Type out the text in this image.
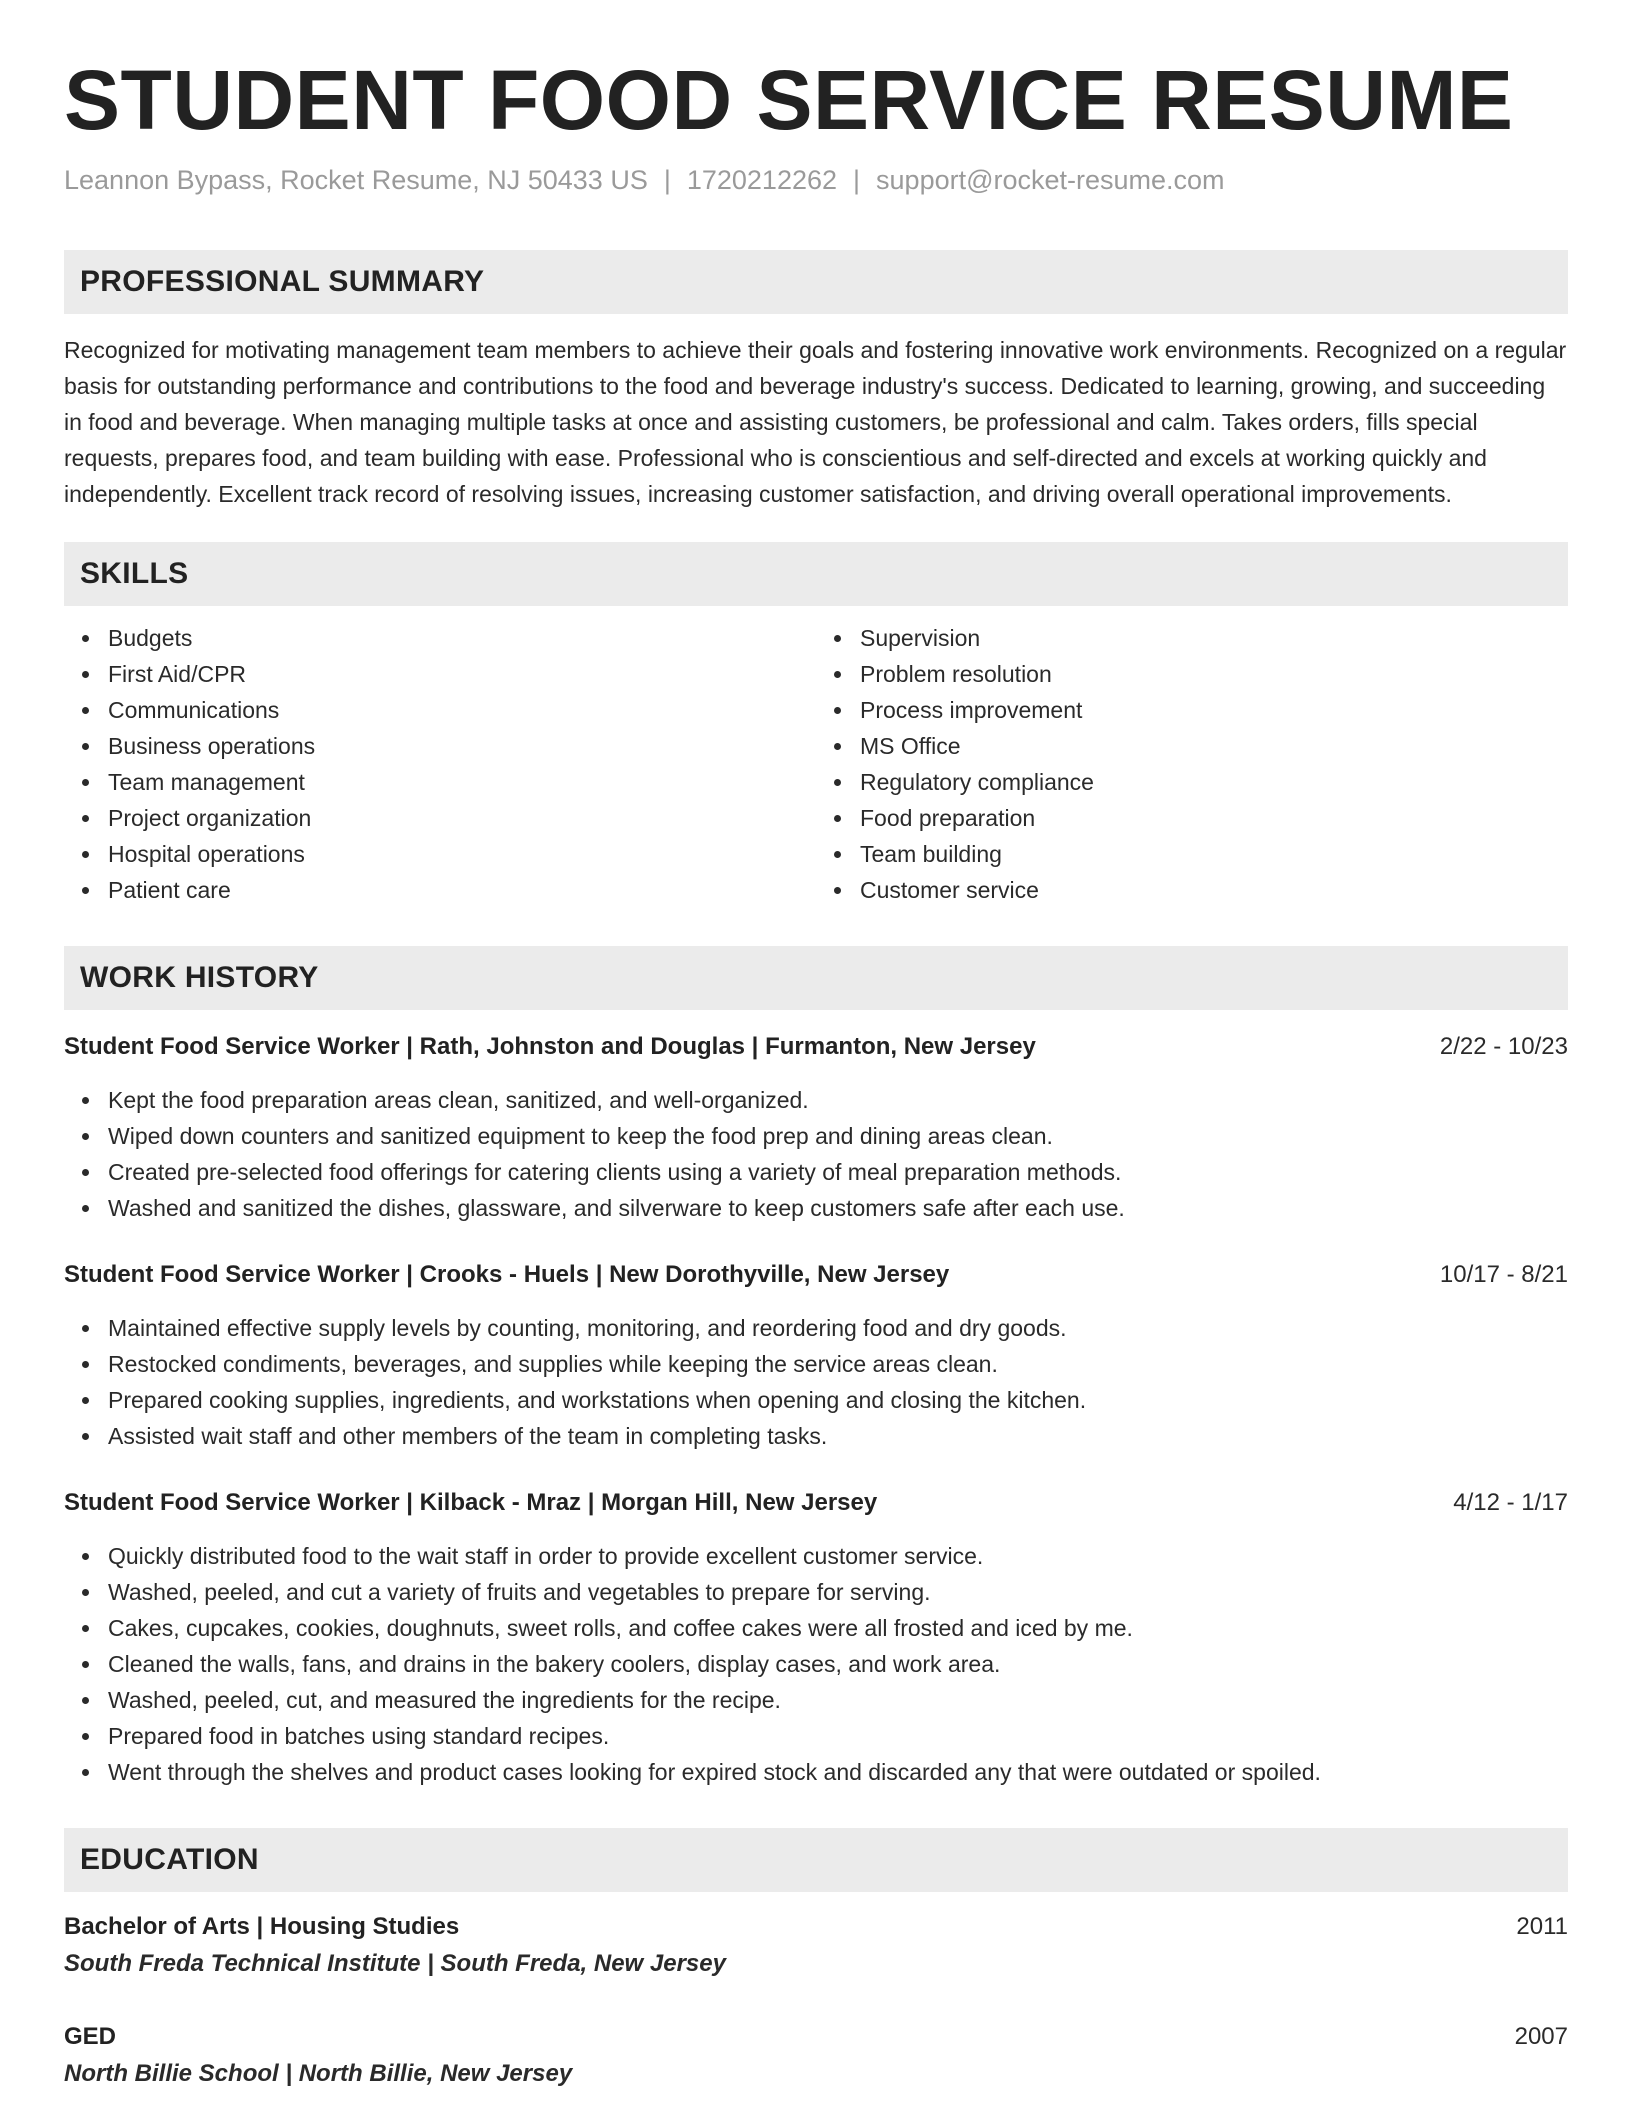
STUDENT FOOD SERVICE RESUME
Leannon Bypass, Rocket Resume, NJ 50433 US | 1720212262 | support@rocket-resume.com
PROFESSIONAL SUMMARY

Recognized for motivating management team members to achieve their goals and fostering innovative work environments. Recognized on a regular basis for outstanding performance and contributions to the food and beverage industry's success. Dedicated to learning, growing, and succeeding in food and beverage. When managing multiple tasks at once and assisting customers, be professional and calm. Takes orders, fills special requests, prepares food, and team building with ease. Professional who is conscientious and self-directed and excels at working quickly and independently. Excellent track record of resolving issues, increasing customer satisfaction, and driving overall operational improvements.

SKILLS
Budgets
First Aid/CPR
Communications
Business operations
Team management
Project organization
Hospital operations
Patient care
Supervision
Problem resolution
Process improvement
MS Office
Regulatory compliance
Food preparation
Team building
Customer service
WORK HISTORY
Student Food Service Worker | Rath, Johnston and Douglas | Furmanton, New Jersey	2/22 - 10/23
Kept the food preparation areas clean, sanitized, and well-organized.
Wiped down counters and sanitized equipment to keep the food prep and dining areas clean.
Created pre-selected food offerings for catering clients using a variety of meal preparation methods.
Washed and sanitized the dishes, glassware, and silverware to keep customers safe after each use.
Student Food Service Worker | Crooks - Huels | New Dorothyville, New Jersey	10/17 - 8/21
Maintained effective supply levels by counting, monitoring, and reordering food and dry goods.
Restocked condiments, beverages, and supplies while keeping the service areas clean.
Prepared cooking supplies, ingredients, and workstations when opening and closing the kitchen.
Assisted wait staff and other members of the team in completing tasks.
Student Food Service Worker | Kilback - Mraz | Morgan Hill, New Jersey	4/12 - 1/17
Quickly distributed food to the wait staff in order to provide excellent customer service.
Washed, peeled, and cut a variety of fruits and vegetables to prepare for serving.
Cakes, cupcakes, cookies, doughnuts, sweet rolls, and coffee cakes were all frosted and iced by me.
Cleaned the walls, fans, and drains in the bakery coolers, display cases, and work area.
Washed, peeled, cut, and measured the ingredients for the recipe.
Prepared food in batches using standard recipes.
Went through the shelves and product cases looking for expired stock and discarded any that were outdated or spoiled.
EDUCATION
Bachelor of Arts | Housing Studies	2011
South Freda Technical Institute | South Freda, New Jersey
GED	2007
North Billie School | North Billie, New Jersey
